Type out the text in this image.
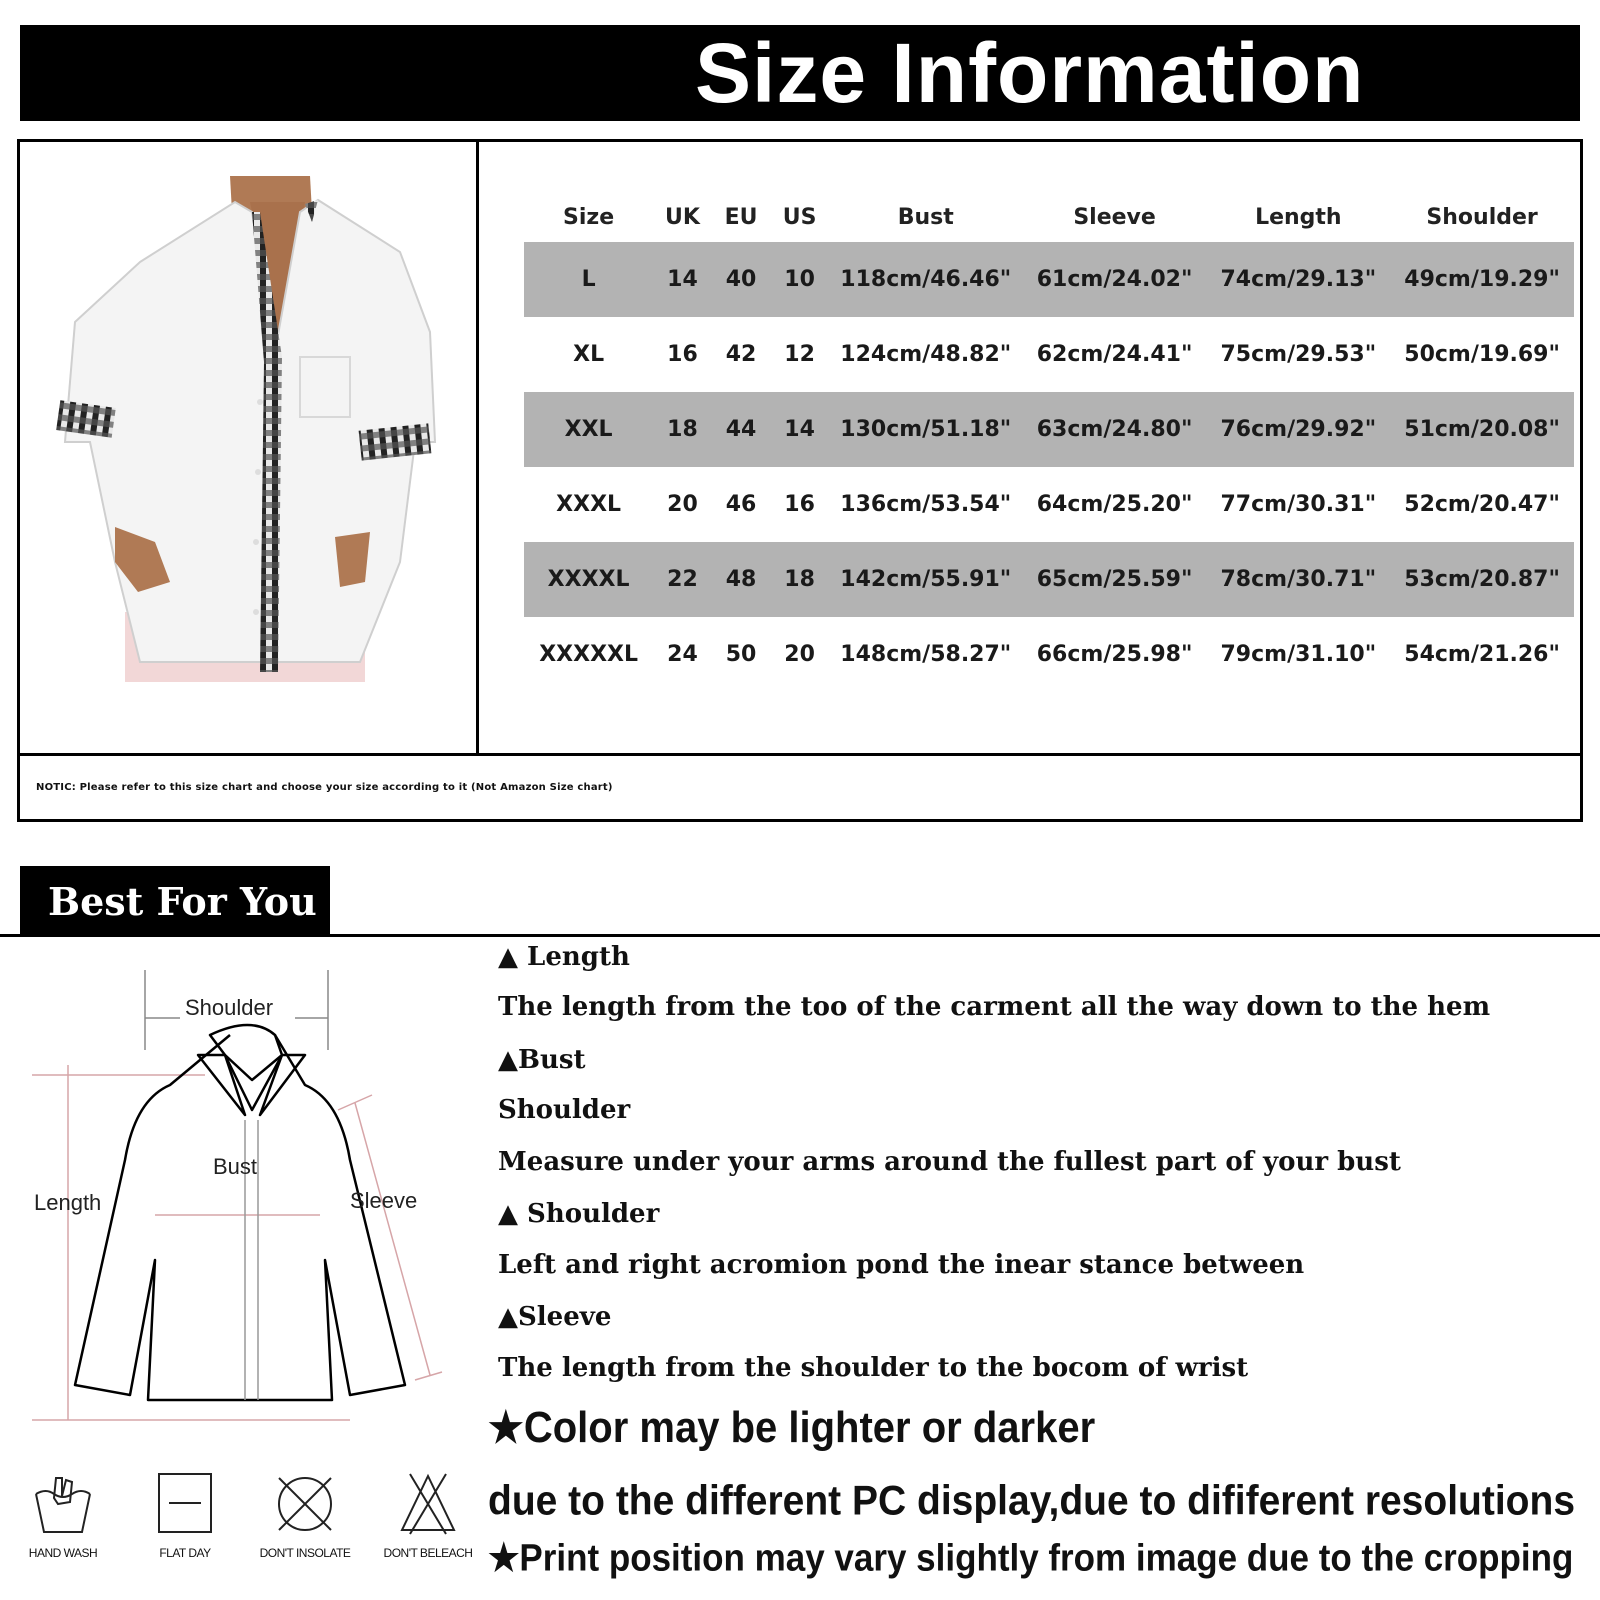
Size Information
Size	UK	EU	US	Bust	Sleeve	Length	Shoulder
L	14	40	10	118cm/46.46"	61cm/24.02"	74cm/29.13"	49cm/19.29"
XL	16	42	12	124cm/48.82"	62cm/24.41"	75cm/29.53"	50cm/19.69"
XXL	18	44	14	130cm/51.18"	63cm/24.80"	76cm/29.92"	51cm/20.08"
XXXL	20	46	16	136cm/53.54"	64cm/25.20"	77cm/30.31"	52cm/20.47"
XXXXL	22	48	18	142cm/55.91"	65cm/25.59"	78cm/30.71"	53cm/20.87"
XXXXXL	24	50	20	148cm/58.27"	66cm/25.98"	79cm/31.10"	54cm/21.26"
NOTIC: Please refer to this size chart and choose your size according to it (Not Amazon Size chart)
Best For You
Shoulder
Bust
Length	Sleeve
HAND WASH	FLAT DAY	DON'T INSOLATE	DON'T BELEACH
▲ Length
The length from the too of the carment all the way down to the hem
▲Bust
Shoulder
Measure under your arms around the fullest part of your bust
▲ Shoulder
Left and right acromion pond the inear stance between
▲Sleeve
The length from the shoulder to the bocom of wrist
★Color may be lighter or darker
due to the different PC display,due to dififerent resolutions
★Print position may vary slightly from image due to the cropping
